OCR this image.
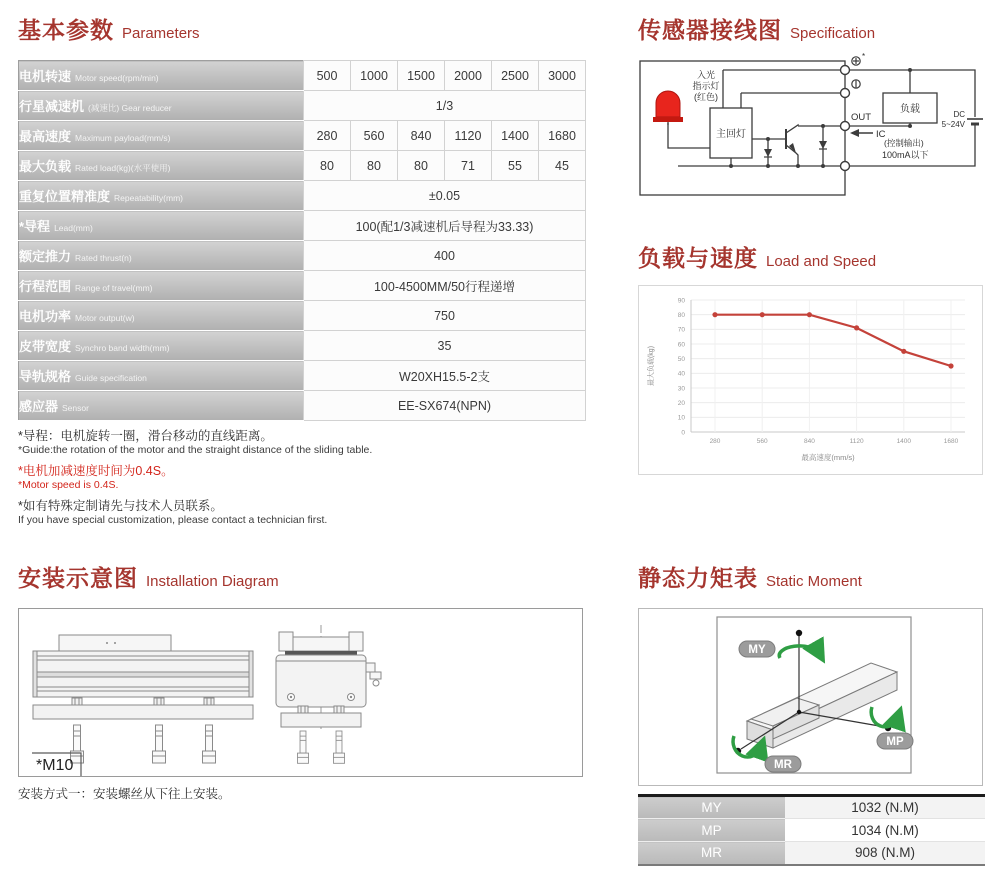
基本参数 Parameters	传感器接线图 Specification
负载与速度 Load and Speed
安装示意图 Installation Diagram	静态力矩表 Static Moment
电机转速 Motor speed(rpm/min)	500	1000	1500	2000	2500	3000
行星减速机 (减速比) Gear reducer	1/3					
最高速度 Maximum payload(mm/s)	280	560	840	1120	1400	1680
最大负载 Rated load(kg)(水平使用)	80	80	80	71	55	45
重复位置精准度 Repeatability(mm)	±0.05					
*导程 Lead(mm)	100(配1/3减速机后导程为33.33)					
额定推力 Rated thrust(n)	400					
行程范围 Range of travel(mm)	100-4500MM/50行程递增					
电机功率 Motor output(w)	750					
皮带宽度 Synchro band width(mm)	35					
导轨规格 Guide specification	W20XH15.5-2支					
感应器 Sensor	EE-SX674(NPN)					

*导程：电机旋转一圈，滑台移动的直线距离。

*Guide:the rotation of the motor and the straight distance of the sliding table.

*电机加减速度时间为0.4S。

*Motor speed is 0.4S.

*如有特殊定制请先与技术人员联系。

If you have special customization, please contact a technician first.

入光
指示灯
(红色)
主回灯
负载
OUT
IC
(控制输出)
100mA以下
DC
5~24V
*
0
10
20
30
40
50
60
70
80
90
280	560	840	1120	1400	1680
最大负载(kg)
最高速度(mm/s)
*M10

安装方式一：安装螺丝从下往上安装。

MY
MP
MR
MY	1032 (N.M)
MP	1034 (N.M)
MR	908 (N.M)
